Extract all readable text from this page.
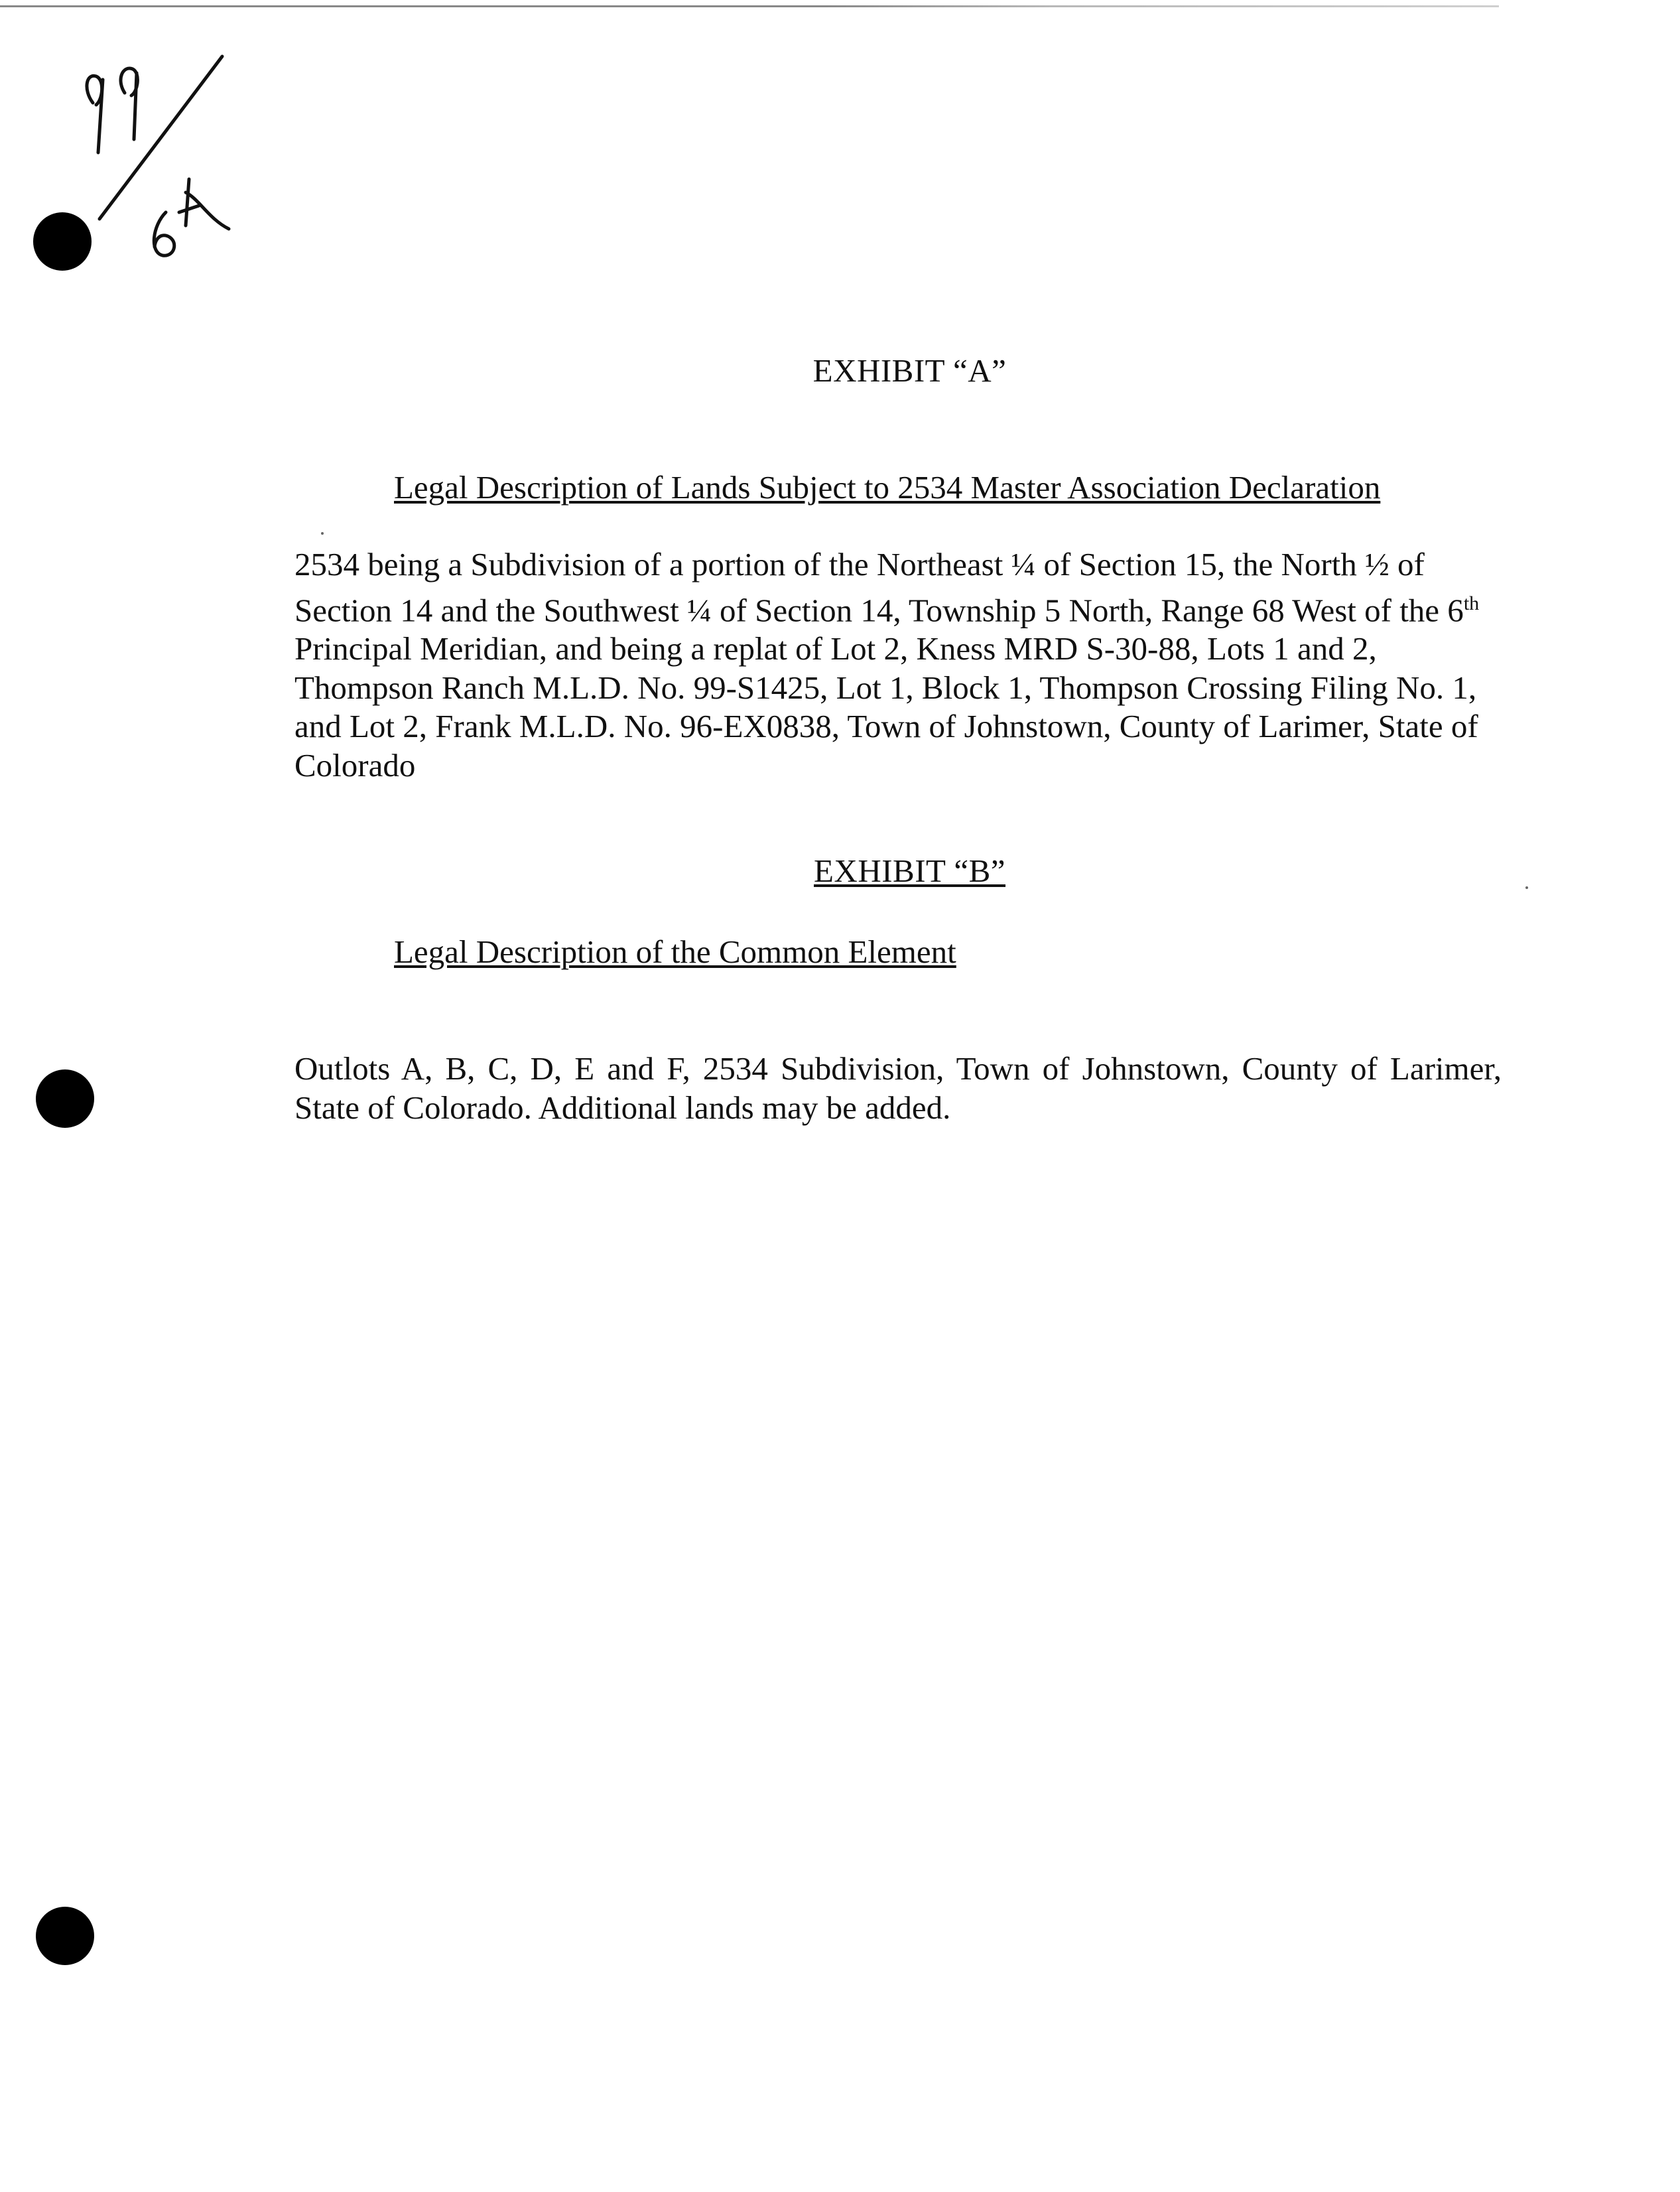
EXHIBIT “A”
Legal Description of Lands Subject to 2534 Master Association Declaration
2534 being a Subdivision of a portion of the Northeast ¼ of Section 15, the North ½ of
Section 14 and the Southwest ¼ of Section 14, Township 5 North, Range 68 West of the 6th
Principal Meridian, and being a replat of Lot 2, Kness MRD S-30-88, Lots 1 and 2,
Thompson Ranch M.L.D. No. 99-S1425, Lot 1, Block 1, Thompson Crossing Filing No. 1,
and Lot 2, Frank M.L.D. No. 96-EX0838, Town of Johnstown, County of Larimer, State of
Colorado
EXHIBIT “B”
Legal Description of the Common Element
Outlots A, B, C, D, E and F, 2534 Subdivision, Town of Johnstown, County of Larimer, State of Colorado. Additional lands may be added.
